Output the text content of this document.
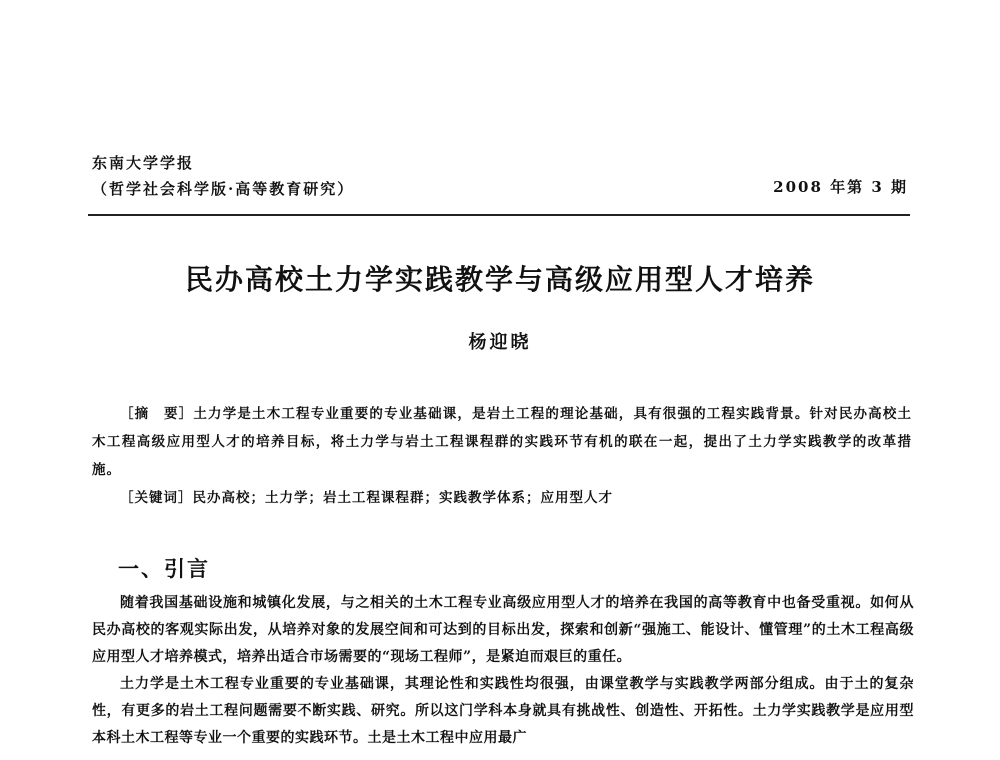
东南大学学报
（哲学社会科学版·高等教育研究）	2008 年第 3 期
民办高校土力学实践教学与高级应用型人才培养
杨迎晓
［摘　要］土力学是土木工程专业重要的专业基础课，是岩土工程的理论基础，具有很强的工程实践背景。针对民办高校土木工程高级应用型人才的培养目标，将土力学与岩土工程课程群的实践环节有机的联在一起，提出了土力学实践教学的改革措施。
［关键词］民办高校；土力学；岩土工程课程群；实践教学体系；应用型人才
一、引言

随着我国基础设施和城镇化发展，与之相关的土木工程专业高级应用型人才的培养在我国的高等教育中也备受重视。如何从民办高校的客观实际出发，从培养对象的发展空间和可达到的目标出发，探索和创新“强施工、能设计、懂管理”的土木工程高级应用型人才培养模式，培养出适合市场需要的“现场工程师”，是紧迫而艰巨的重任。

土力学是土木工程专业重要的专业基础课，其理论性和实践性均很强，由课堂教学与实践教学两部分组成。由于土的复杂性，有更多的岩土工程问题需要不断实践、研究。所以这门学科本身就具有挑战性、创造性、开拓性。土力学实践教学是应用型本科土木工程等专业一个重要的实践环节。土是土木工程中应用最广
